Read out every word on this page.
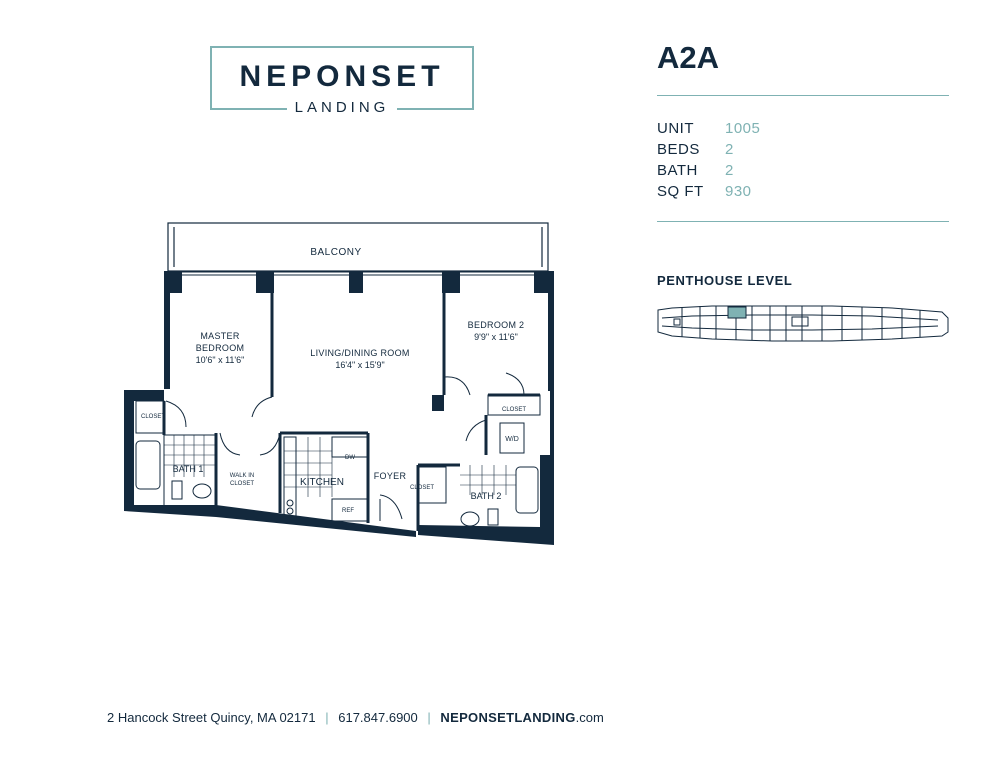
NEPONSET
LANDING
A2A
UNIT	1005
BEDS	2
BATH	2
SQ FT	930
PENTHOUSE LEVEL
BALCONY
MASTER
BEDROOM
10'6" x 11'6"
LIVING/DINING ROOM
16'4" x 15'9"
BEDROOM 2
9'9" x 11'6"
CLOSET
CLOSET
CLOSET
BATH 1
WALK IN
CLOSET	KITCHEN
DW
REF
FOYER
W/D
BATH 2
2 Hancock Street Quincy, MA 02171 | 617.847.6900 | NEPONSETLANDING.com
